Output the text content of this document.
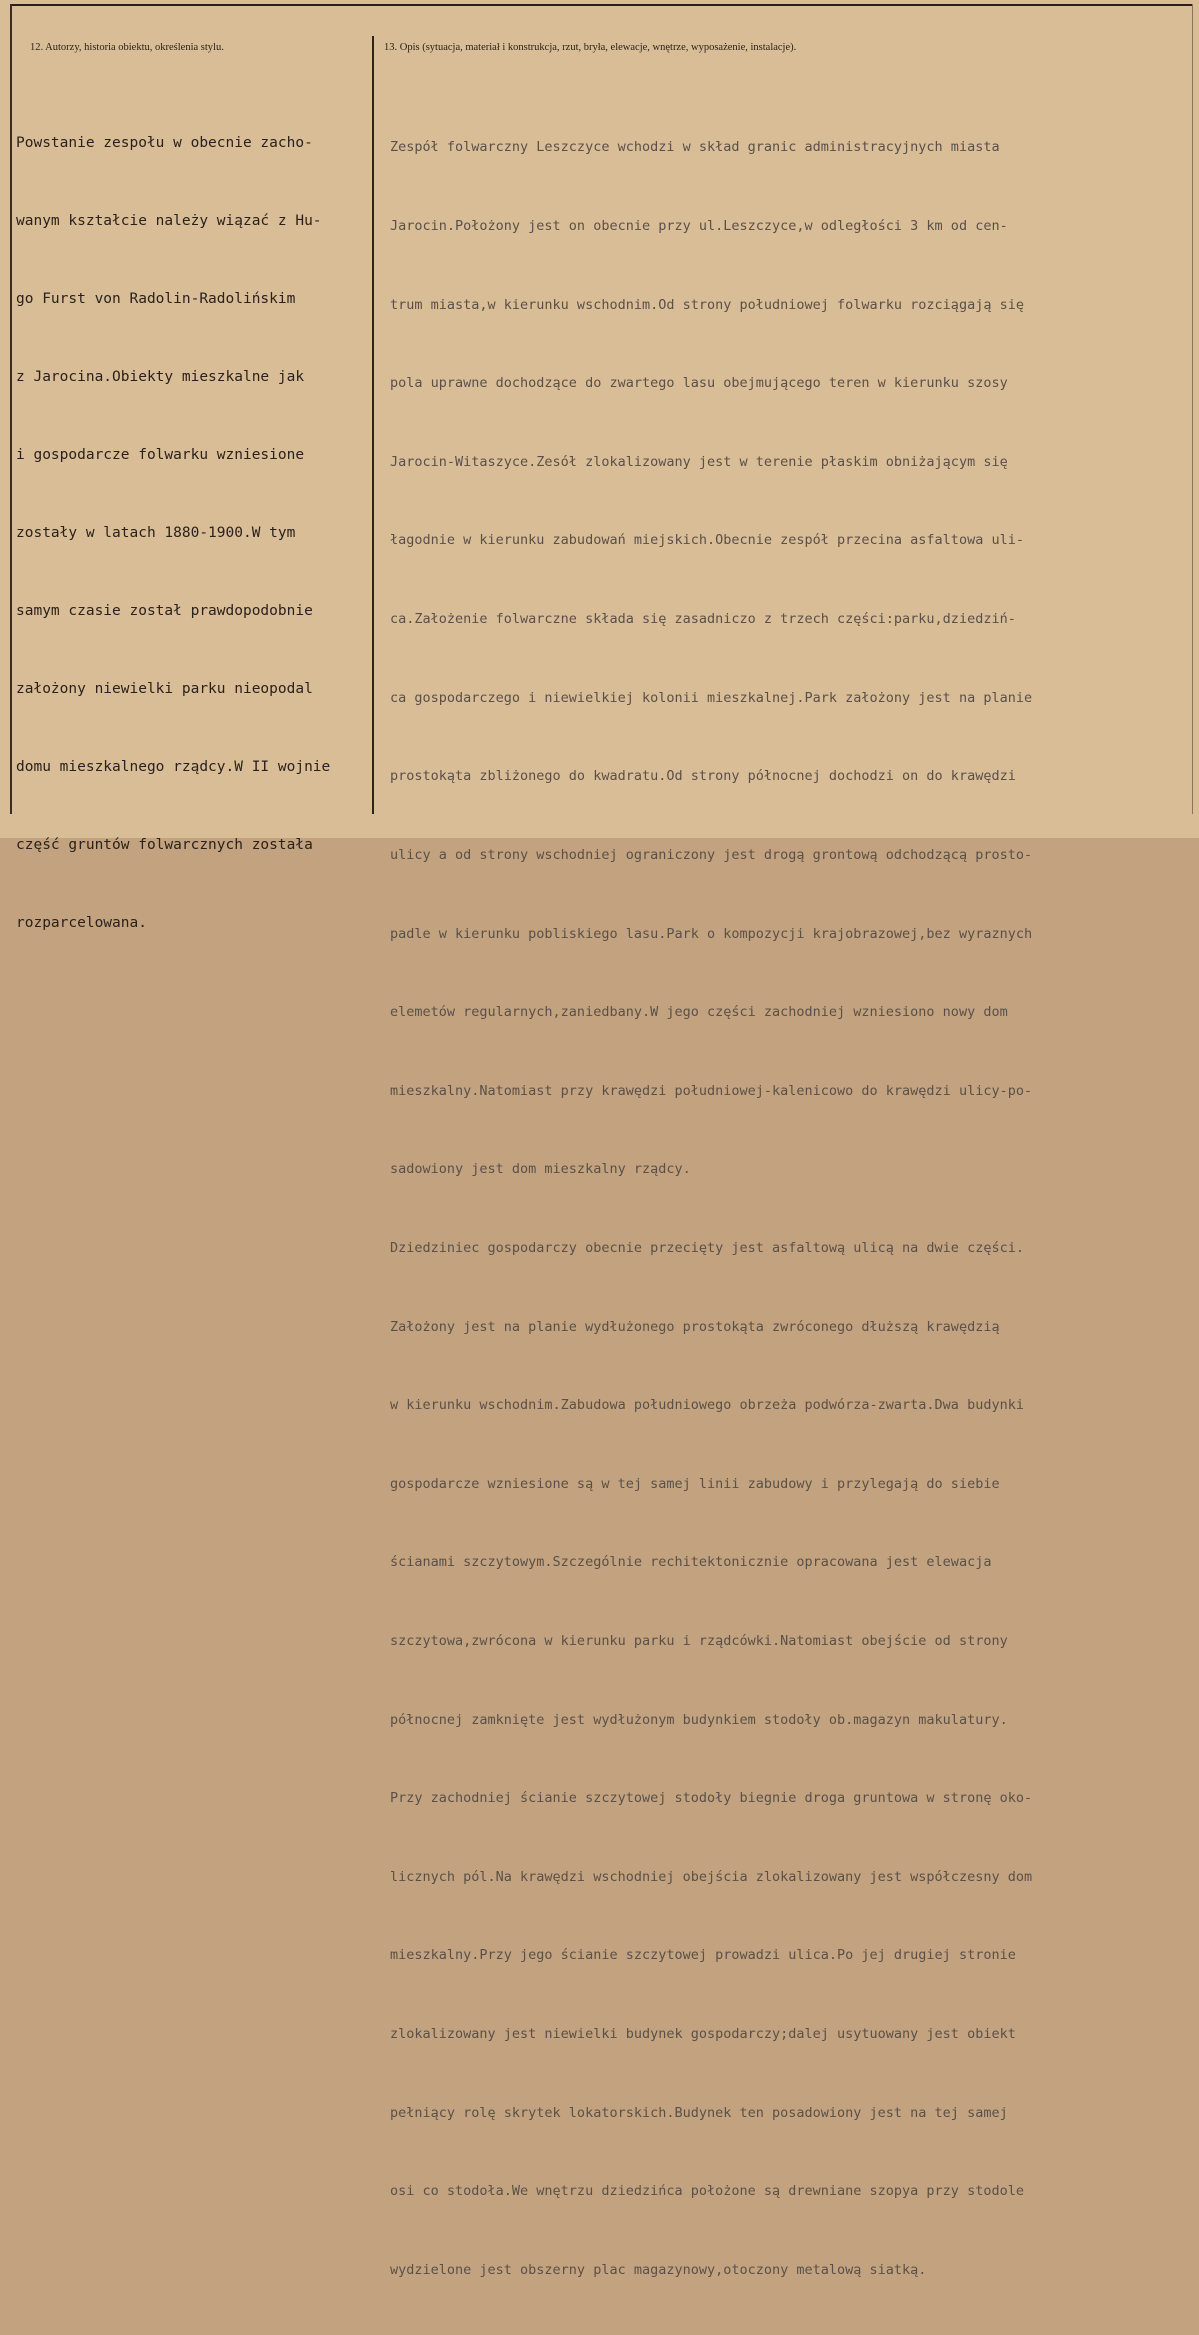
12. Autorzy, historia obiektu, określenia stylu.	13. Opis (sytuacja, materiał i konstrukcja, rzut, bryła, elewacje, wnętrze, wyposażenie, instalacje).

Powstanie zespołu w obecnie zacho-

wanym kształcie należy wiązać z Hu-

go Furst von Radolin-Radolińskim

z Jarocina.Obiekty mieszkalne jak

i gospodarcze folwarku wzniesione

zostały w latach 1880-1900.W tym

samym czasie został prawdopodobnie

założony niewielki parku nieopodal

domu mieszkalnego rządcy.W II wojnie

część gruntów folwarcznych została

rozparcelowana.

Zespół folwarczny Leszczyce wchodzi w skład granic administracyjnych miasta

Jarocin.Położony jest on obecnie przy ul.Leszczyce,w odległości 3 km od cen-

trum miasta,w kierunku wschodnim.Od strony południowej folwarku rozciągają się

pola uprawne dochodzące do zwartego lasu obejmującego teren w kierunku szosy

Jarocin-Witaszyce.Zesół zlokalizowany jest w terenie płaskim obniżającym się

łagodnie w kierunku zabudowań miejskich.Obecnie zespół przecina asfaltowa uli-

ca.Założenie folwarczne składa się zasadniczo z trzech części:parku,dziedziń-

ca gospodarczego i niewielkiej kolonii mieszkalnej.Park założony jest na planie

prostokąta zbliżonego do kwadratu.Od strony północnej dochodzi on do krawędzi

ulicy a od strony wschodniej ograniczony jest drogą grontową odchodzącą prosto-

padle w kierunku pobliskiego lasu.Park o kompozycji krajobrazowej,bez wyraznych

elemetów regularnych,zaniedbany.W jego części zachodniej wzniesiono nowy dom

mieszkalny.Natomiast przy krawędzi południowej-kalenicowo do krawędzi ulicy-po-

sadowiony jest dom mieszkalny rządcy.

Dziedziniec gospodarczy obecnie przecięty jest asfaltową ulicą na dwie części.

Założony jest na planie wydłużonego prostokąta zwróconego dłuższą krawędzią

w kierunku wschodnim.Zabudowa południowego obrzeża podwórza-zwarta.Dwa budynki

gospodarcze wzniesione są w tej samej linii zabudowy i przylegają do siebie

ścianami szczytowym.Szczególnie rechitektonicznie opracowana jest elewacja

szczytowa,zwrócona w kierunku parku i rządcówki.Natomiast obejście od strony

północnej zamknięte jest wydłużonym budynkiem stodoły ob.magazyn makulatury.

Przy zachodniej ścianie szczytowej stodoły biegnie droga gruntowa w stronę oko-

licznych pól.Na krawędzi wschodniej obejścia zlokalizowany jest współczesny dom

mieszkalny.Przy jego ścianie szczytowej prowadzi ulica.Po jej drugiej stronie

zlokalizowany jest niewielki budynek gospodarczy;dalej usytuowany jest obiekt

pełniący rolę skrytek lokatorskich.Budynek ten posadowiony jest na tej samej

osi co stodoła.We wnętrzu dziedzińca położone są drewniane szopya przy stodole

wydzielone jest obszerny plac magazynowy,otoczony metalową siatką.
